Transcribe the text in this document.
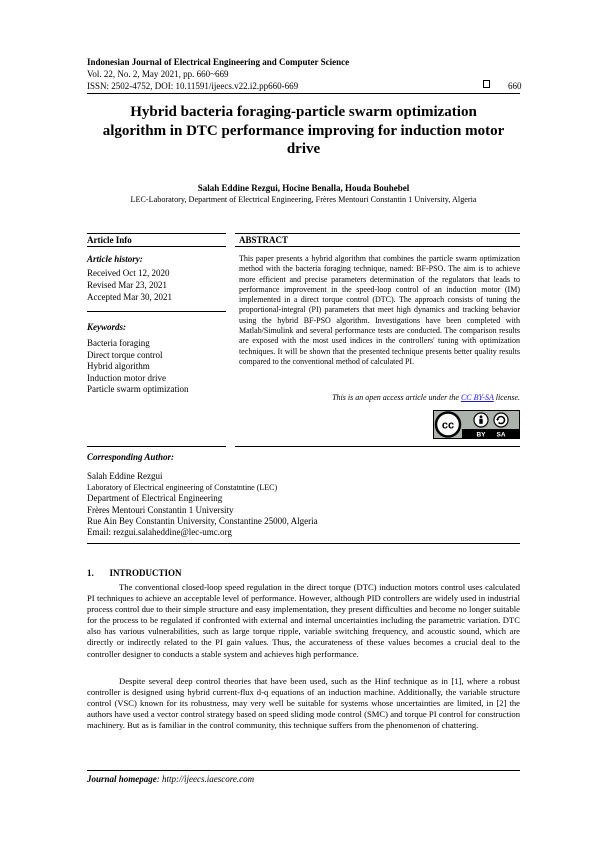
Indonesian Journal of Electrical Engineering and Computer Science
Vol. 22, No. 2, May 2021, pp. 660~669
ISSN: 2502-4752, DOI: 10.11591/ijeecs.v22.i2.pp660-669	660
Hybrid bacteria foraging-particle swarm optimization
algorithm in DTC performance improving for induction motor
drive
Salah Eddine Rezgui, Hocine Benalla, Houda Bouhebel
LEC-Laboratory, Department of Electrical Engineering, Frères Mentouri Constantin 1 University, Algeria
Article Info
Article history:
Received Oct 12, 2020
Revised Mar 23, 2021
Accepted Mar 30, 2021
Keywords:
Bacteria foraging
Direct torque control
Hybrid algorithm
Induction motor drive
Particle swarm optimization
ABSTRACT
This paper presents a hybrid algorithm that combines the particle swarm optimization method with the bacteria foraging technique, named: BF-PSO. The aim is to achieve more efficient and precise parameters determination of the regulators that leads to performance improvement in the speed-loop control of an induction motor (IM) implemented in a direct torque control (DTC). The approach consists of tuning the proportional-integral (PI) parameters that meet high dynamics and tracking behavior using the hybrid BF-PSO algorithm. Investigations have been completed with Matlab/Simulink and several performance tests are conducted. The comparison results are exposed with the most used indices in the controllers' tuning with optimization techniques. It will be shown that the presented technique presents better quality results compared to the conventional method of calculated PI.
This is an open access article under the CC BY-SA license.
cc
BY SA
Corresponding Author:
Salah Eddine Rezgui
Laboratory of Electrical engineering of Constatntine (LEC)
Department of Electrical Engineering
Frères Mentouri Constantin 1 University
Rue Ain Bey Constantin University, Constantine 25000, Algeria
Email: rezgui.salaheddine@lec-umc.org
1.       INTRODUCTION

The conventional closed-loop speed regulation in the direct torque (DTC) induction motors control uses calculated PI techniques to achieve an acceptable level of performance. However, although PID controllers are widely used in industrial process control due to their simple structure and easy implementation, they present difficulties and become no longer suitable for the process to be regulated if confronted with external and internal uncertainties including the parametric variation. DTC also has various vulnerabilities, such as large torque ripple, variable switching frequency, and acoustic sound, which are directly or indirectly related to the PI gain values. Thus, the accurateness of these values becomes a crucial deal to the controller designer to conducts a stable system and achieves high performance.

Despite several deep control theories that have been used, such as the Hinf technique as in [1], where a robust controller is designed using hybrid current-flux d-q equations of an induction machine. Additionally, the variable structure control (VSC) known for its robustness, may very well be suitable for systems whose uncertainties are limited, in [2] the authors have used a vector control strategy based on speed sliding mode control (SMC) and torque PI control for construction machinery. But as is familiar in the control community, this technique suffers from the phenomenon of chattering.

Journal homepage: http://ijeecs.iaescore.com
